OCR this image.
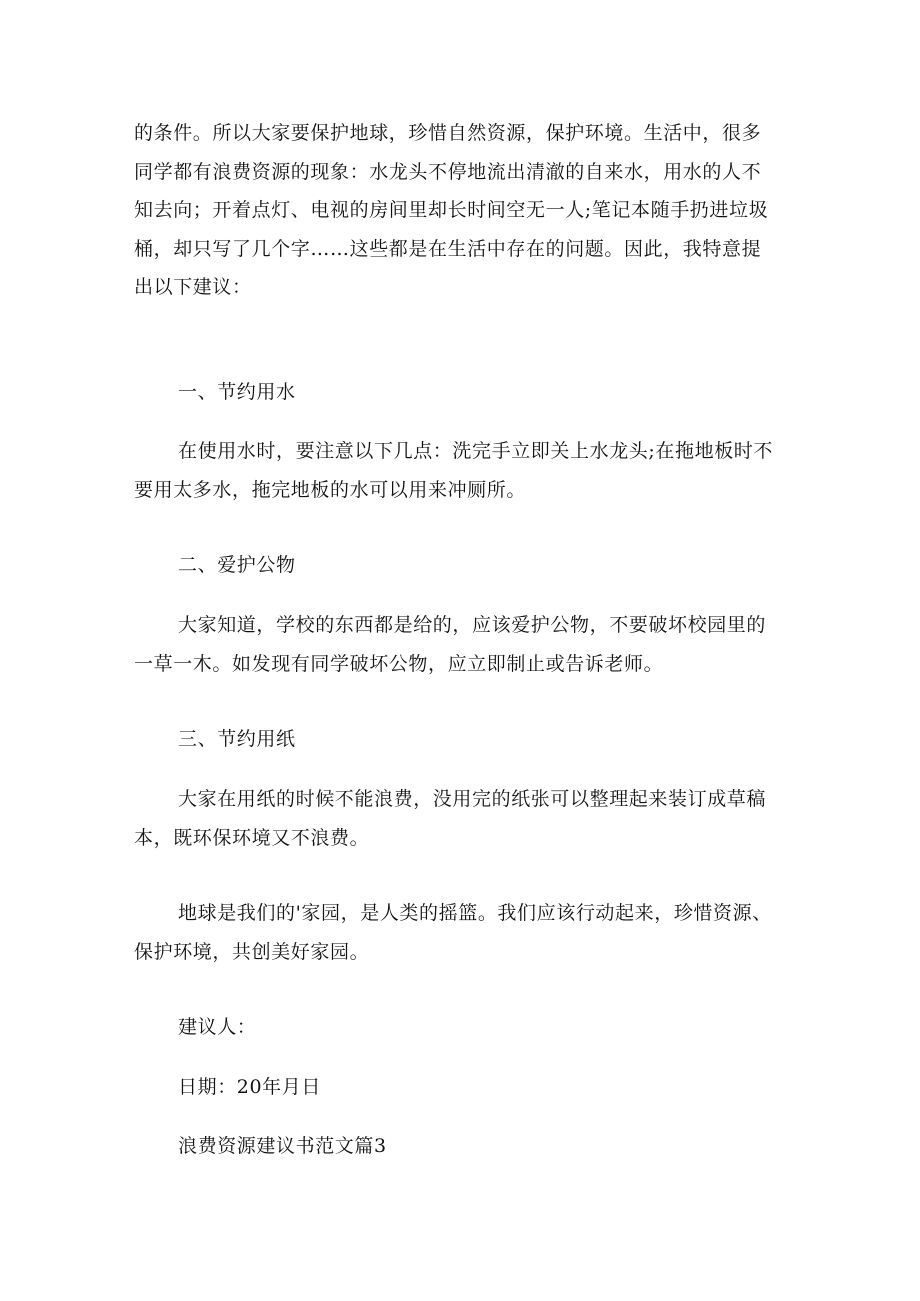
的条件。所以大家要保护地球，珍惜自然资源，保护环境。生活中，很多
同学都有浪费资源的现象：水龙头不停地流出清澈的自来水，用水的人不
知去向；开着点灯、电视的房间里却长时间空无一人;笔记本随手扔进垃圾
桶，却只写了几个字……这些都是在生活中存在的问题。因此，我特意提
出以下建议：

一、节约用水

在使用水时，要注意以下几点：洗完手立即关上水龙头;在拖地板时不
要用太多水，拖完地板的水可以用来冲厕所。

二、爱护公物

大家知道，学校的东西都是给的，应该爱护公物，不要破坏校园里的
一草一木。如发现有同学破坏公物，应立即制止或告诉老师。

三、节约用纸

大家在用纸的时候不能浪费，没用完的纸张可以整理起来装订成草稿
本，既环保环境又不浪费。

地球是我们的'家园，是人类的摇篮。我们应该行动起来，珍惜资源、
保护环境，共创美好家园。

建议人：

日期：20年月日

浪费资源建议书范文篇3
